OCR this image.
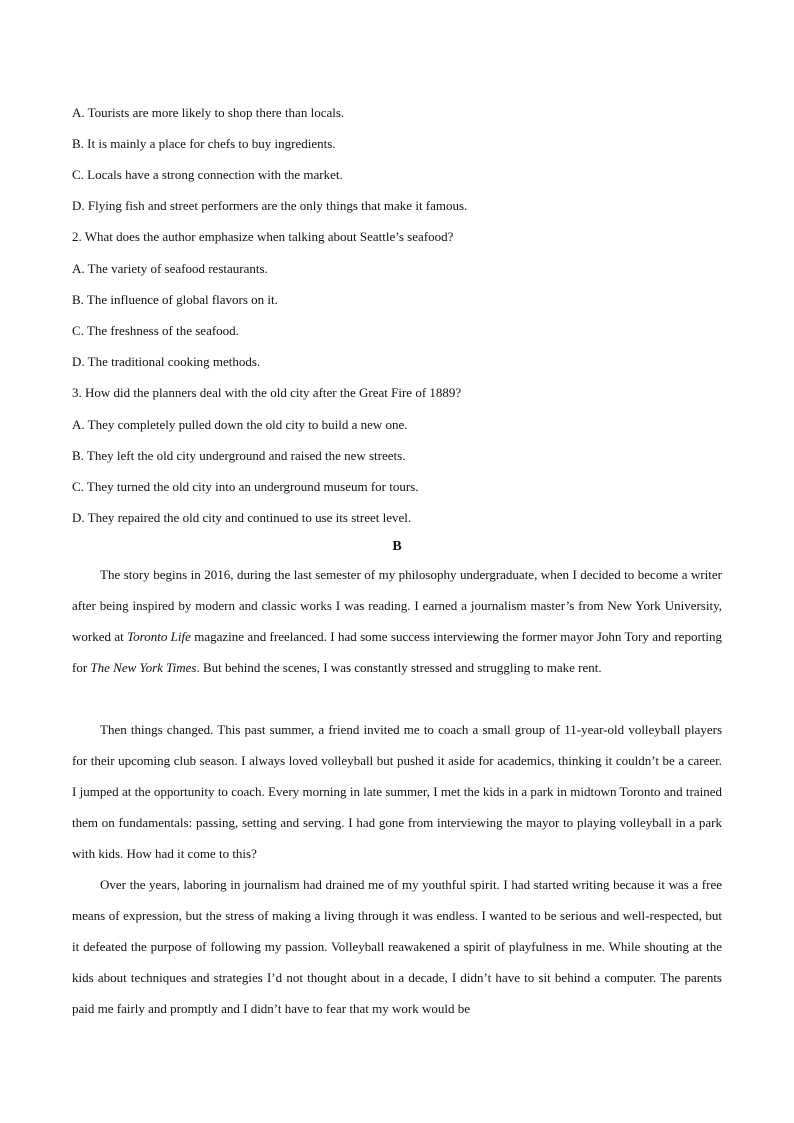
A. Tourists are more likely to shop there than locals.
B. It is mainly a place for chefs to buy ingredients.
C. Locals have a strong connection with the market.
D. Flying fish and street performers are the only things that make it famous.
2. What does the author emphasize when talking about Seattle’s seafood?
A. The variety of seafood restaurants.
B. The influence of global flavors on it.
C. The freshness of the seafood.
D. The traditional cooking methods.
3. How did the planners deal with the old city after the Great Fire of 1889?
A. They completely pulled down the old city to build a new one.
B. They left the old city underground and raised the new streets.
C. They turned the old city into an underground museum for tours.
D. They repaired the old city and continued to use its street level.
B

The story begins in 2016, during the last semester of my philosophy undergraduate, when I decided to become a writer after being inspired by modern and classic works I was reading. I earned a journalism master’s from New York University, worked at Toronto Life magazine and freelanced. I had some success interviewing the former mayor John Tory and reporting for The New York Times. But behind the scenes, I was constantly stressed and struggling to make rent.

Then things changed. This past summer, a friend invited me to coach a small group of 11-year-old volleyball players for their upcoming club season. I always loved volleyball but pushed it aside for academics, thinking it couldn’t be a career. I jumped at the opportunity to coach. Every morning in late summer, I met the kids in a park in midtown Toronto and trained them on fundamentals: passing, setting and serving. I had gone from interviewing the mayor to playing volleyball in a park with kids. How had it come to this?

Over the years, laboring in journalism had drained me of my youthful spirit. I had started writing because it was a free means of expression, but the stress of making a living through it was endless. I wanted to be serious and well-respected, but it defeated the purpose of following my passion. Volleyball reawakened a spirit of playfulness in me. While shouting at the kids about techniques and strategies I’d not thought about in a decade, I didn’t have to sit behind a computer. The parents paid me fairly and promptly and I didn’t have to fear that my work would be
